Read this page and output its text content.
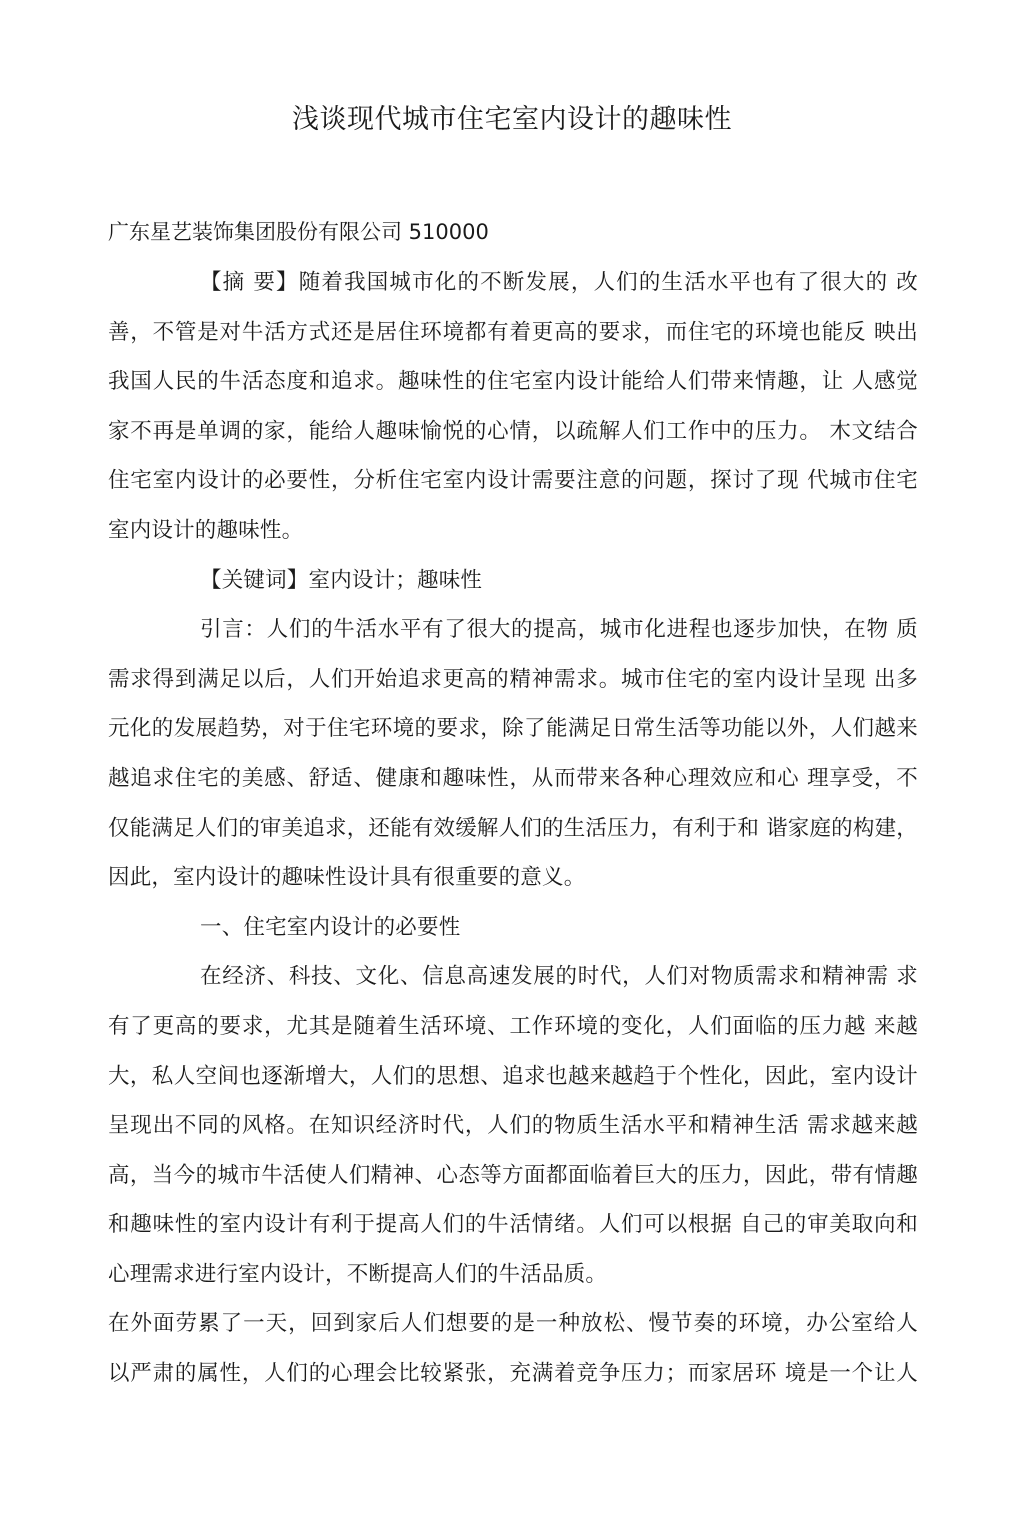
浅谈现代城市住宅室内设计的趣味性

广东星艺装饰集团股份有限公司 510000

【摘 要】随着我国城市化的不断发展，人们的生活水平也有了很大的 改
善，不管是对牛活方式还是居住环境都有着更高的要求，而住宅的环境也能反 映出
我国人民的牛活态度和追求。趣味性的住宅室内设计能给人们带来情趣，让 人感觉
家不再是单调的家，能给人趣味愉悦的心情，以疏解人们工作中的压力。 木文结合
住宅室内设计的必要性，分析住宅室内设计需要注意的问题，探讨了现 代城市住宅
室内设计的趣味性。
【关键词】室内设计；趣味性
引言：人们的牛活水平有了很大的提高，城市化进程也逐步加快，在物 质
需求得到满足以后，人们开始追求更高的精神需求。城市住宅的室内设计呈现 出多
元化的发展趋势，对于住宅环境的要求，除了能满足日常生活等功能以外，人们越来
越追求住宅的美感、舒适、健康和趣味性，从而带来各种心理效应和心 理享受，不
仅能满足人们的审美追求，还能有效缓解人们的生活压力，有利于和 谐家庭的构建，
因此，室内设计的趣味性设计具有很重要的意义。
一、住宅室内设计的必要性
在经济、科技、文化、信息高速发展的时代，人们对物质需求和精神需 求
有了更高的要求，尤其是随着生活环境、工作环境的变化，人们面临的压力越 来越
大，私人空间也逐渐增大，人们的思想、追求也越来越趋于个性化，因此，室内设计
呈现出不同的风格。在知识经济时代，人们的物质生活水平和精神生活 需求越来越
高，当今的城市牛活使人们精神、心态等方面都面临着巨大的压力，因此，带有情趣
和趣味性的室内设计有利于提高人们的牛活情绪。人们可以根据 自己的审美取向和
心理需求进行室内设计，不断提高人们的牛活品质。
在外面劳累了一天，回到家后人们想要的是一种放松、慢节奏的环境，办公室给人
以严肃的属性，人们的心理会比较紧张，充满着竞争压力；而家居环 境是一个让人
